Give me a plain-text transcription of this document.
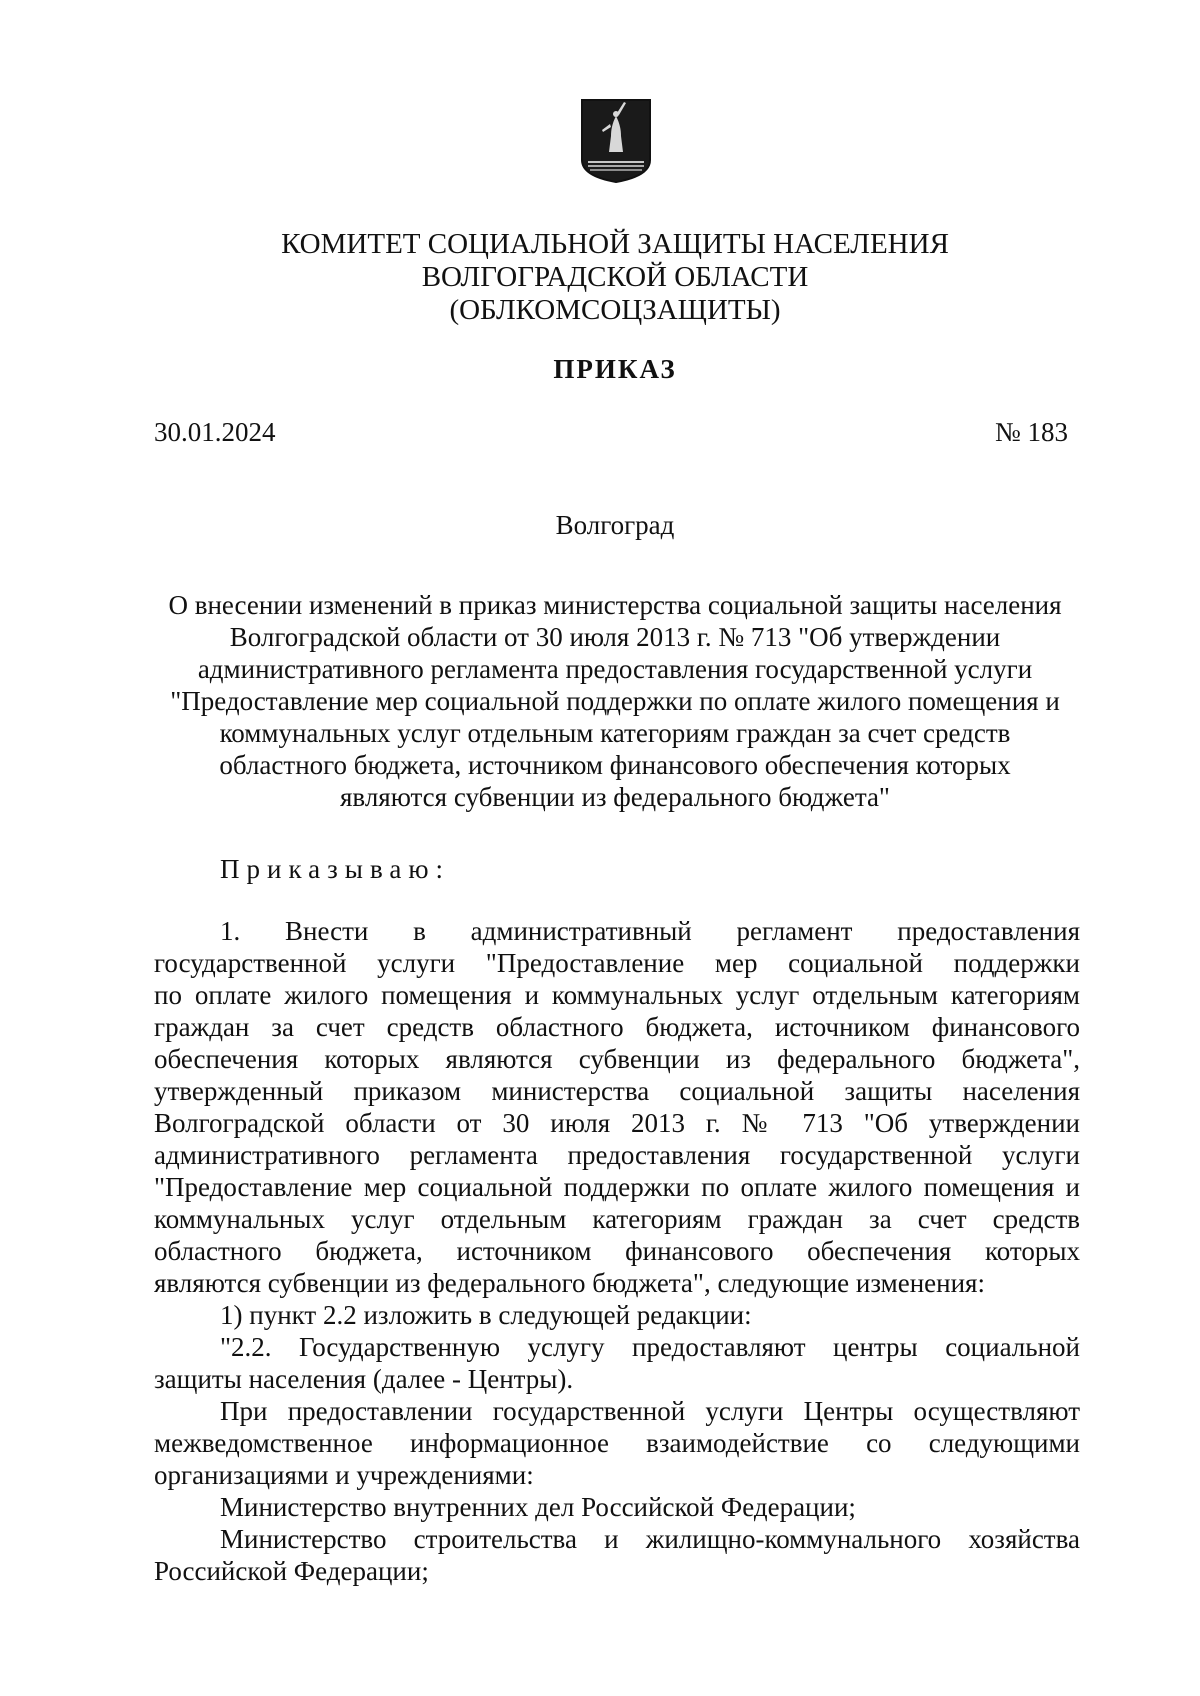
КОМИТЕТ СОЦИАЛЬНОЙ ЗАЩИТЫ НАСЕЛЕНИЯ
ВОЛГОГРАДСКОЙ ОБЛАСТИ
(ОБЛКОМСОЦЗАЩИТЫ)
ПРИКАЗ
30.01.2024	№ 183
Волгоград
О внесении изменений в приказ министерства социальной защиты населения
Волгоградской области от 30 июля 2013 г. № 713 "Об утверждении
административного регламента предоставления государственной услуги
"Предоставление мер социальной поддержки по оплате жилого помещения и
коммунальных услуг отдельным категориям граждан за счет средств
областного бюджета, источником финансового обеспечения которых
являются субвенции из федерального бюджета"
Приказываю:
1. Внести в административный регламент предоставления
государственной услуги "Предоставление мер социальной поддержки
по оплате жилого помещения и коммунальных услуг отдельным категориям
граждан за счет средств областного бюджета, источником финансового
обеспечения которых являются субвенции из федерального бюджета",
утвержденный приказом министерства социальной защиты населения
Волгоградской области от 30 июля 2013 г. № 713 "Об утверждении
административного регламента предоставления государственной услуги
"Предоставление мер социальной поддержки по оплате жилого помещения и
коммунальных услуг отдельным категориям граждан за счет средств
областного бюджета, источником финансового обеспечения которых
являются субвенции из федерального бюджета", следующие изменения:
1) пункт 2.2 изложить в следующей редакции:
"2.2. Государственную услугу предоставляют центры социальной
защиты населения (далее - Центры).
При предоставлении государственной услуги Центры осуществляют
межведомственное информационное взаимодействие со следующими
организациями и учреждениями:
Министерство внутренних дел Российской Федерации;
Министерство строительства и жилищно-коммунального хозяйства
Российской Федерации;
